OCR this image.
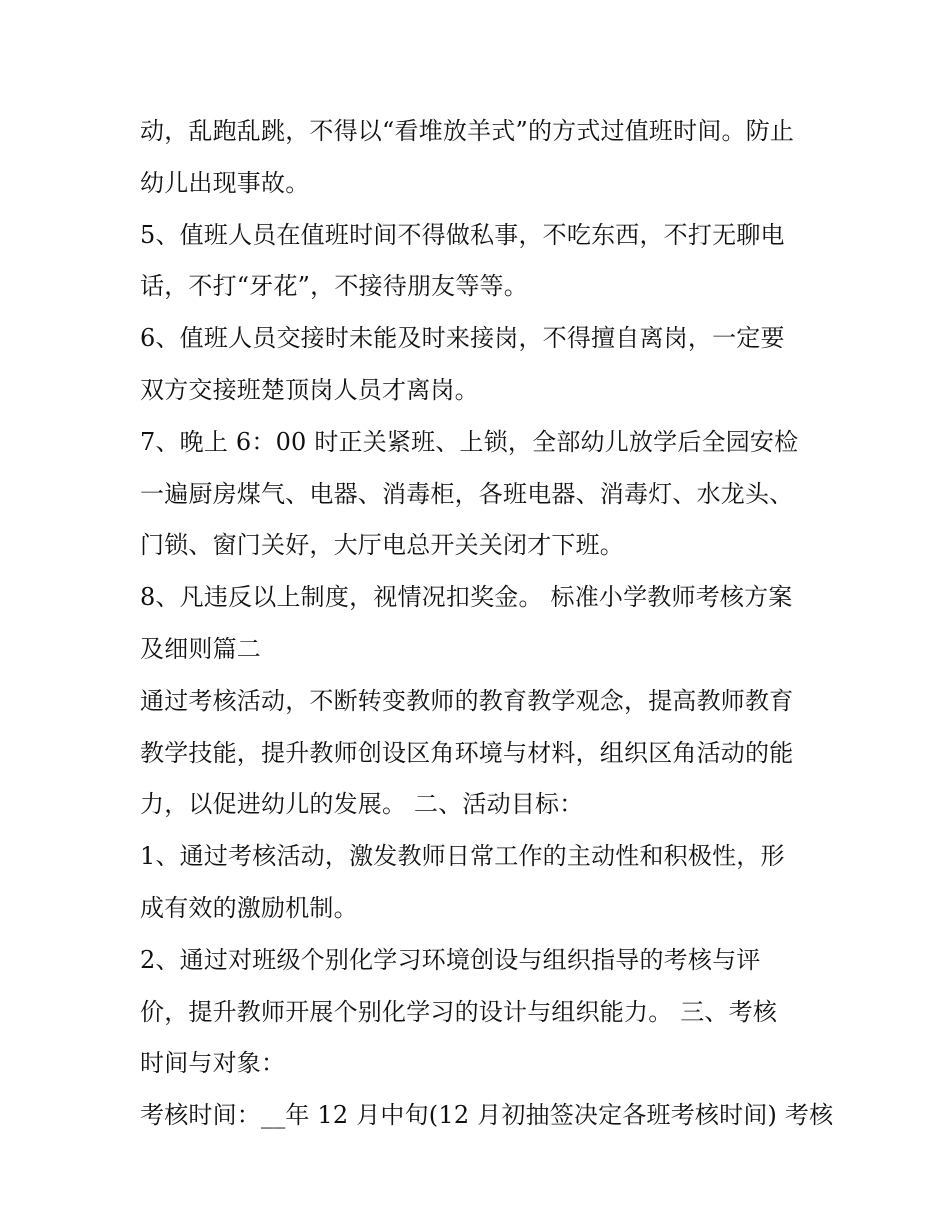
动，乱跑乱跳，不得以“看堆放羊式”的方式过值班时间。防止
幼儿出现事故。
5、值班人员在值班时间不得做私事，不吃东西，不打无聊电
话，不打“牙花”，不接待朋友等等。
6、值班人员交接时未能及时来接岗，不得擅自离岗，一定要
双方交接班楚顶岗人员才离岗。
7、晚上 6：00 时正关紧班、上锁，全部幼儿放学后全园安检
一遍厨房煤气、电器、消毒柜，各班电器、消毒灯、水龙头、
门锁、窗门关好，大厅电总开关关闭才下班。
8、凡违反以上制度，视情况扣奖金。 标准小学教师考核方案
及细则篇二
通过考核活动，不断转变教师的教育教学观念，提高教师教育
教学技能，提升教师创设区角环境与材料，组织区角活动的能
力，以促进幼儿的发展。 二、活动目标：
1、通过考核活动，激发教师日常工作的主动性和积极性，形
成有效的激励机制。
2、通过对班级个别化学习环境创设与组织指导的考核与评
价，提升教师开展个别化学习的设计与组织能力。 三、考核
时间与对象：
考核时间：__年 12 月中旬(12 月初抽签决定各班考核时间) 考核
